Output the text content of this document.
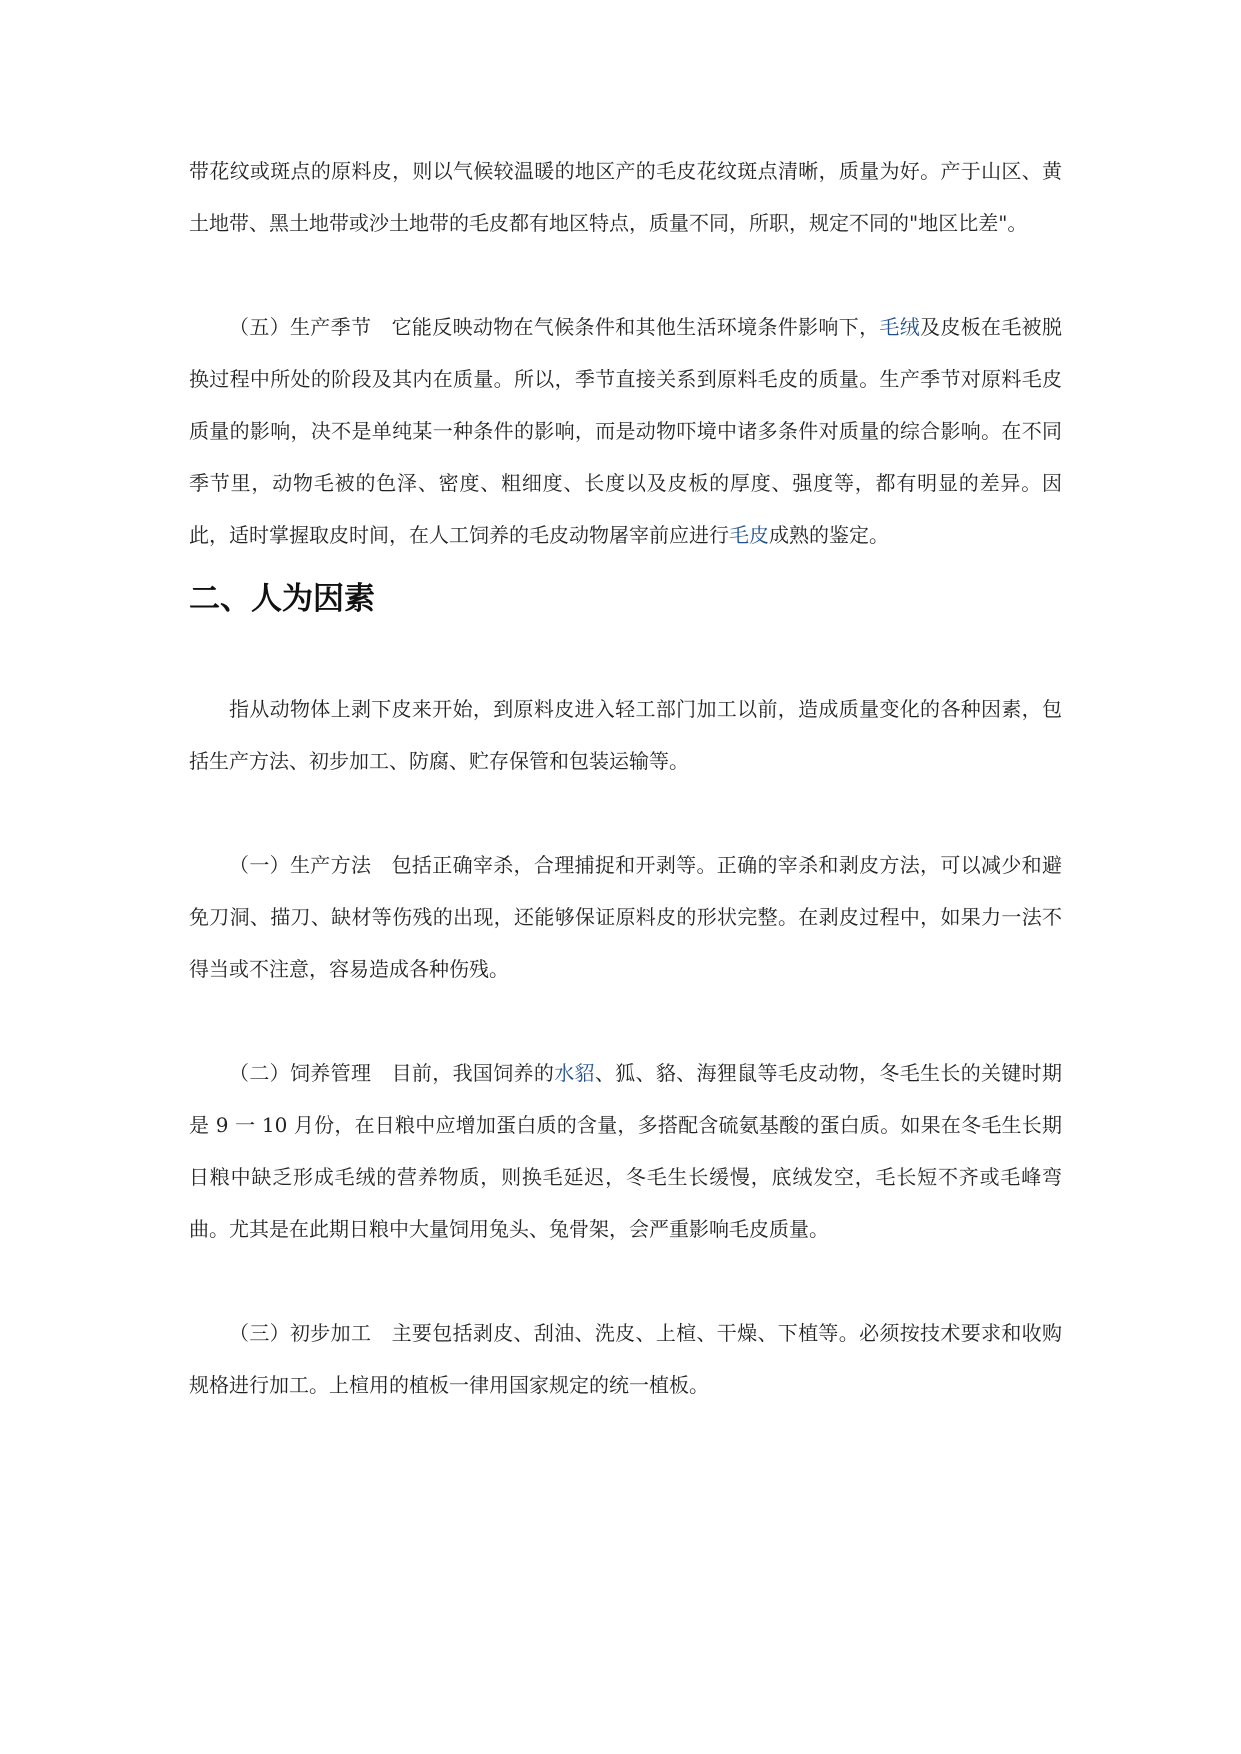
带花纹或斑点的原料皮，则以气候较温暖的地区产的毛皮花纹斑点清晰，质量为好。产于山区、黄土地带、黑土地带或沙土地带的毛皮都有地区特点，质量不同，所职，规定不同的"地区比差"。

（五）生产季节　它能反映动物在气候条件和其他生活环境条件影响下，毛绒及皮板在毛被脱换过程中所处的阶段及其内在质量。所以，季节直接关系到原料毛皮的质量。生产季节对原料毛皮质量的影响，决不是单纯某一种条件的影响，而是动物吓境中诸多条件对质量的综合影响。在不同季节里，动物毛被的色泽、密度、粗细度、长度以及皮板的厚度、强度等，都有明显的差异。因此，适时掌握取皮时间，在人工饲养的毛皮动物屠宰前应进行毛皮成熟的鉴定。

二、人为因素

指从动物体上剥下皮来开始，到原料皮进入轻工部门加工以前，造成质量变化的各种因素，包括生产方法、初步加工、防腐、贮存保管和包装运输等。

（一）生产方法　包括正确宰杀，合理捕捉和开剥等。正确的宰杀和剥皮方法，可以减少和避免刀洞、描刀、缺材等伤残的出现，还能够保证原料皮的形状完整。在剥皮过程中，如果力一法不得当或不注意，容易造成各种伤残。

（二）饲养管理　目前，我国饲养的水貂、狐、貉、海狸鼠等毛皮动物，冬毛生长的关键时期是 9 一 10 月份，在日粮中应增加蛋白质的含量，多搭配含硫氨基酸的蛋白质。如果在冬毛生长期日粮中缺乏形成毛绒的营养物质，则换毛延迟，冬毛生长缓慢，底绒发空，毛长短不齐或毛峰弯曲。尤其是在此期日粮中大量饲用兔头、兔骨架，会严重影响毛皮质量。

（三）初步加工　主要包括剥皮、刮油、洗皮、上楦、干燥、下植等。必须按技术要求和收购规格进行加工。上楦用的植板一律用国家规定的统一植板。
